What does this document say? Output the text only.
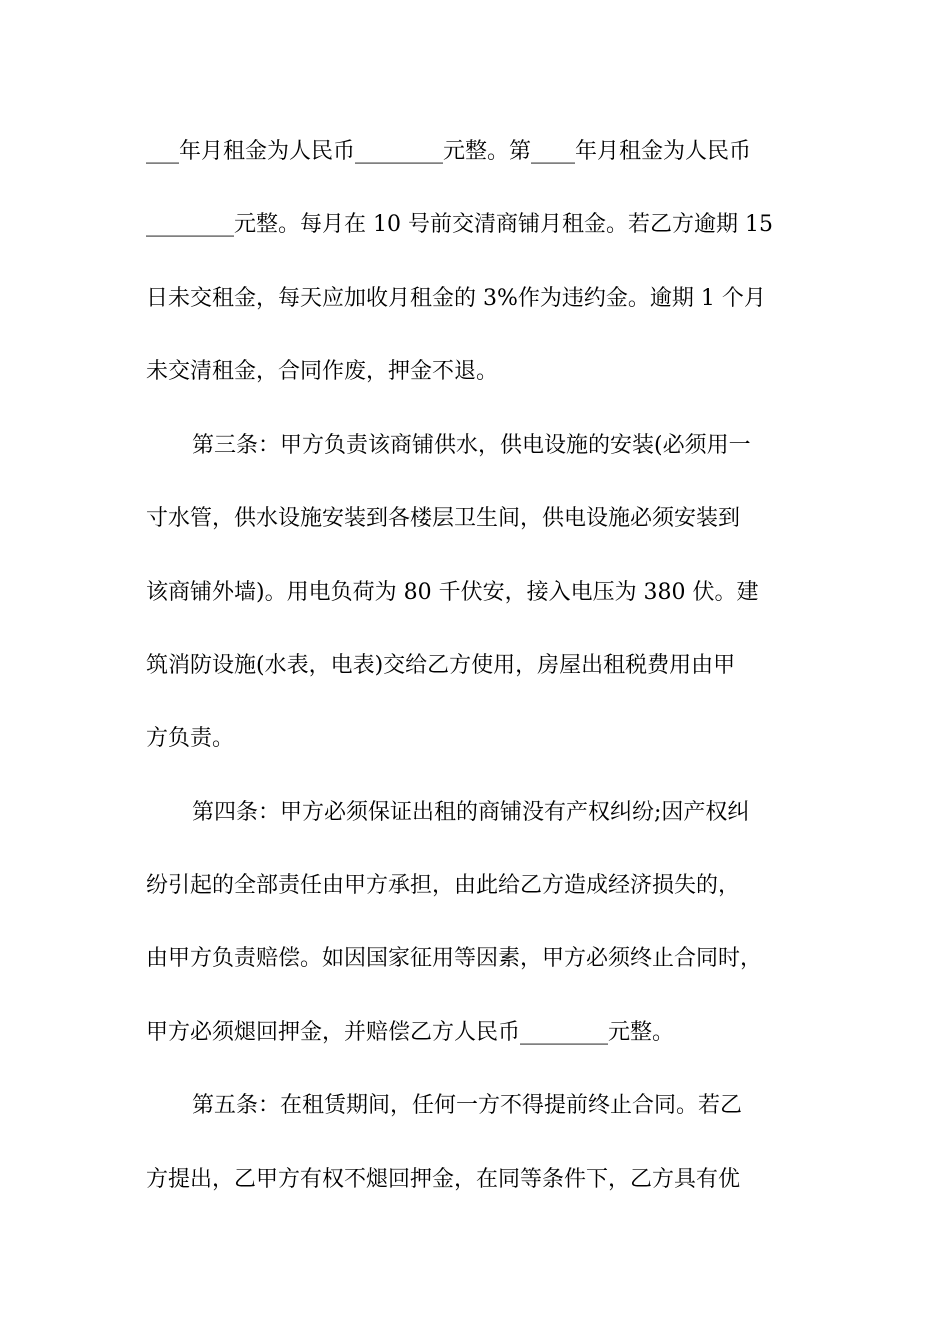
___年月租金为人民币________元整。第____年月租金为人民币
________元整。每月在 10 号前交清商铺月租金。若乙方逾期 15
日未交租金，每天应加收月租金的 3%作为违约金。逾期 1 个月
未交清租金，合同作废，押金不退。
第三条：甲方负责该商铺供水，供电设施的安装(必须用一
寸水管，供水设施安装到各楼层卫生间，供电设施必须安装到
该商铺外墙)。用电负荷为 80 千伏安，接入电压为 380 伏。建
筑消防设施(水表，电表)交给乙方使用，房屋出租税费用由甲
方负责。
第四条：甲方必须保证出租的商铺没有产权纠纷;因产权纠
纷引起的全部责任由甲方承担，由此给乙方造成经济损失的，
由甲方负责赔偿。如因国家征用等因素，甲方必须终止合同时，
甲方必须煺回押金，并赔偿乙方人民币________元整。
第五条：在租赁期间，任何一方不得提前终止合同。若乙
方提出，乙甲方有权不煺回押金，在同等条件下，乙方具有优
